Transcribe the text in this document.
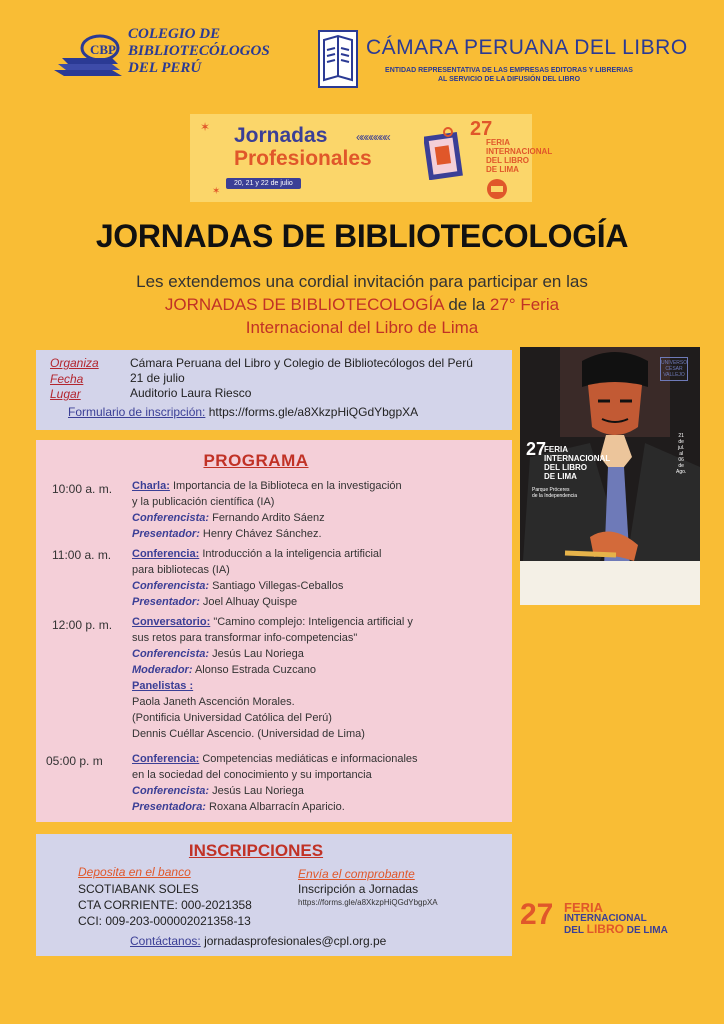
CBP
COLEGIO DE
BIBLIOTECÓLOGOS
DEL PERÚ
CÁMARA PERUANA DEL LIBRO
ENTIDAD REPRESENTATIVA DE LAS EMPRESAS EDITORAS Y LIBRERIAS
AL SERVICIO DE LA DIFUSIÓN DEL LIBRO
✶
✶
Jornadas
Profesionales
20, 21 y 22 de julio
«««««««	27
FERIA
INTERNACIONAL
DEL LIBRO
DE LIMA
JORNADAS DE BIBLIOTECOLOGÍA
Les extendemos una cordial invitación para participar en las
JORNADAS DE BIBLIOTECOLOGÍA de la 27° Feria
Internacional del Libro de Lima
Organiza	Cámara Peruana del Libro y Colegio de Bibliotecólogos del Perú
Fecha	21 de julio
Lugar	Auditorio Laura Riesco
Formulario de inscripción: https://forms.gle/a8XkzpHiQGdYbgpXA
PROGRAMA
10:00 a. m. Charla: Importancia de la Biblioteca en la investigación
y la publicación científica (IA)
Conferencista: Fernando Ardito Sáenz
Presentador: Henry Chávez Sánchez.
11:00 a. m. Conferencia: Introducción a la inteligencia artificial
para bibliotecas (IA)
Conferencista: Santiago Villegas-Ceballos
Presentador: Joel Alhuay Quispe
12:00 p. m. Conversatorio: "Camino complejo: Inteligencia artificial y
sus retos para transformar info-competencias"
Conferencista: Jesús Lau Noriega
Moderador: Alonso Estrada Cuzcano
Panelistas :
Paola Janeth Ascención Morales.
(Pontificia Universidad Católica del Perú)
Dennis Cuéllar Ascencio. (Universidad de Lima)
05:00 p. m	Conferencia: Competencias mediáticas e informacionales
en la sociedad del conocimiento y su importancia
Conferencista: Jesús Lau Noriega
Presentadora: Roxana Albarracín Aparicio.
INSCRIPCIONES
Deposita en el banco
SCOTIABANK SOLES
CTA CORRIENTE: 000-2021358
CCI: 009-203-000002021358-13
Envía el comprobante
Inscripción a Jornadas
https://forms.gle/a8XkzpHiQGdYbgpXA
Contáctanos: jornadasprofesionales@cpl.org.pe
27
FERIA
INTERNACIONAL
DEL LIBRO
DE LIMA
Parque Próceres
de la Independencia
21
de
jul.
al
06
de
Ago.
UNIVERSO
CÉSAR
VALLEJO
27 FERIA
INTERNACIONAL
DEL LIBRO DE LIMA
